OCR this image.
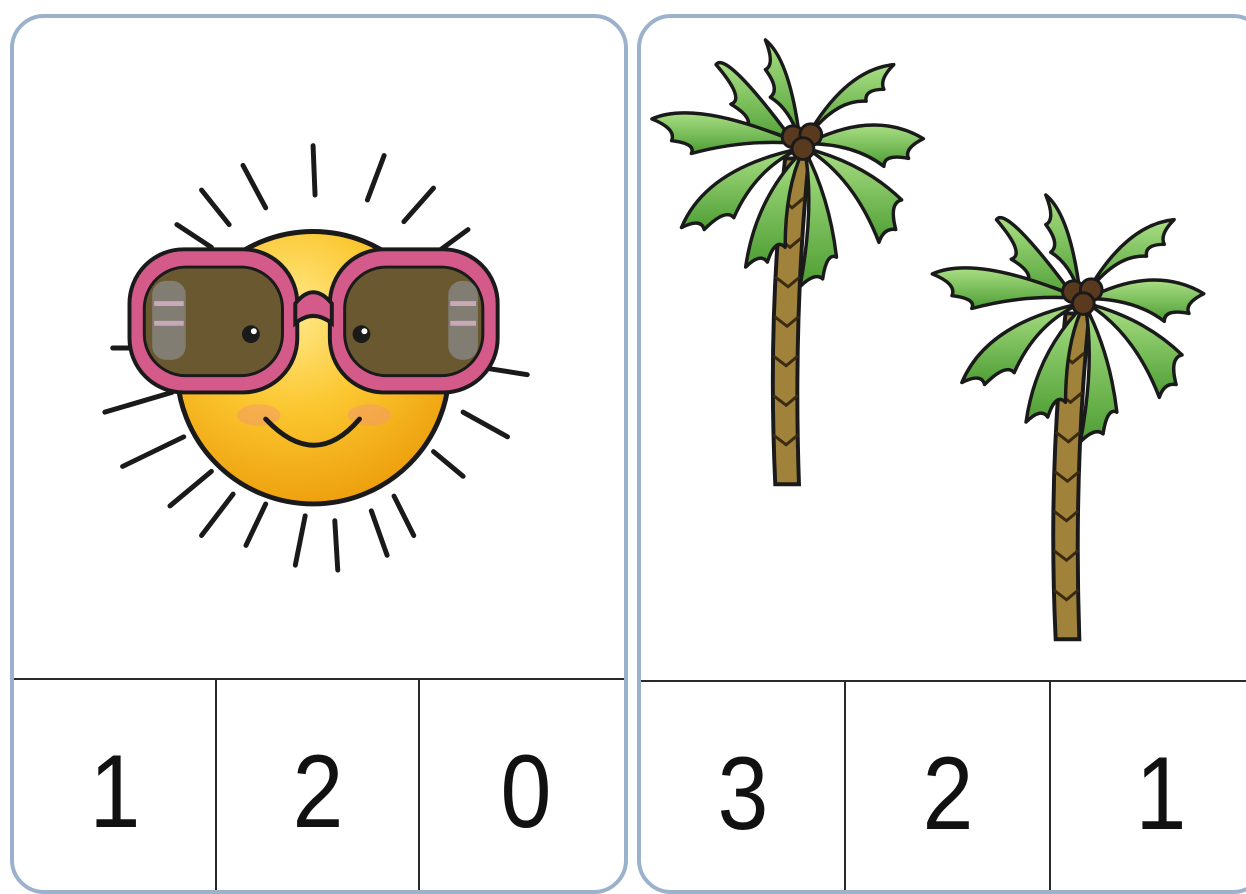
1 2 0 3 2 1
